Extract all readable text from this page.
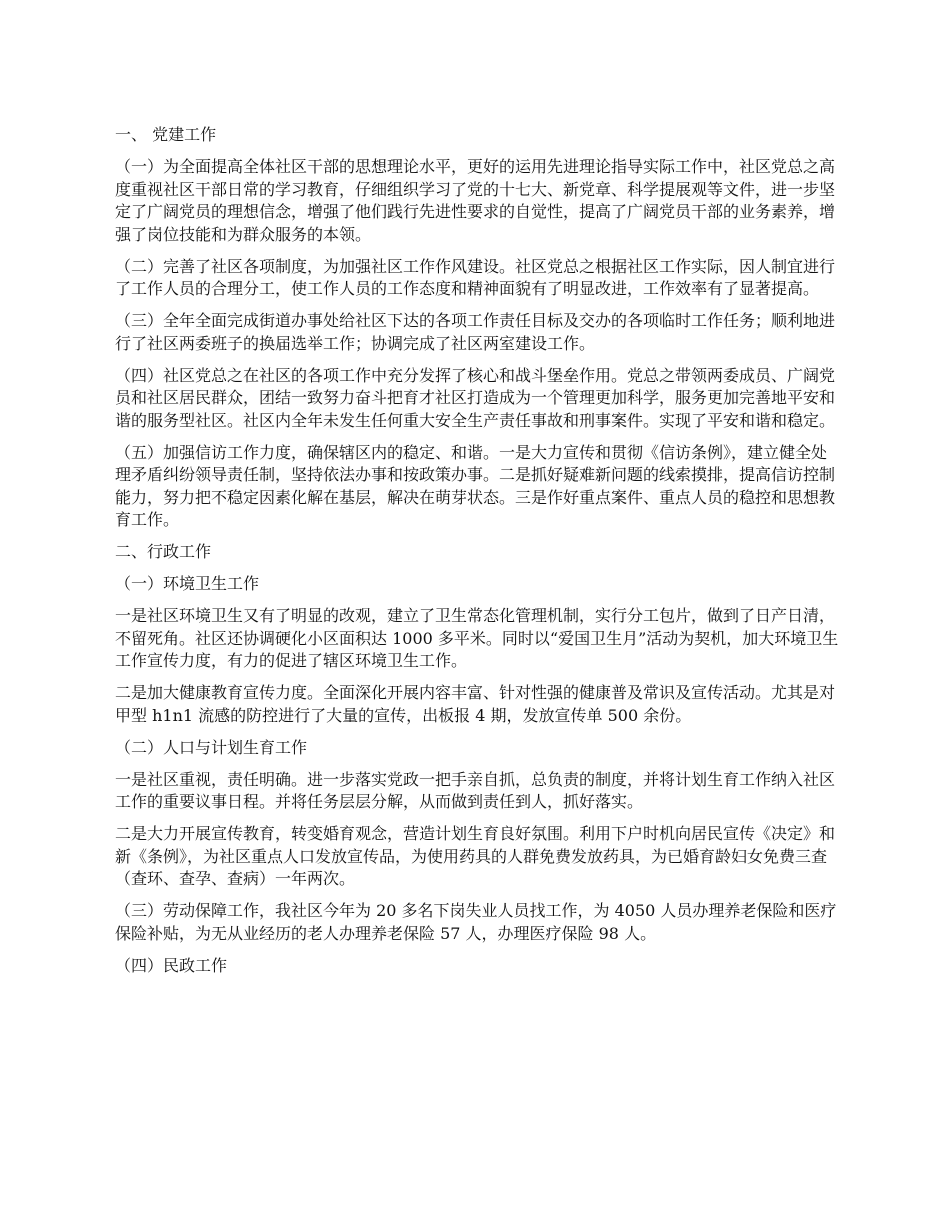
一、 党建工作

（一）为全面提高全体社区干部的思想理论水平，更好的运用先进理论指导实际工作中，社区党总之高度重视社区干部日常的学习教育，仔细组织学习了党的十七大、新党章、科学提展观等文件，进一步坚定了广阔党员的理想信念，增强了他们践行先进性要求的自觉性，提高了广阔党员干部的业务素养，增强了岗位技能和为群众服务的本领。

（二）完善了社区各项制度，为加强社区工作作风建设。社区党总之根据社区工作实际，因人制宜进行了工作人员的合理分工，使工作人员的工作态度和精神面貌有了明显改进，工作效率有了显著提高。

（三）全年全面完成街道办事处给社区下达的各项工作责任目标及交办的各项临时工作任务；顺利地进行了社区两委班子的换届选举工作；协调完成了社区两室建设工作。

（四）社区党总之在社区的各项工作中充分发挥了核心和战斗堡垒作用。党总之带领两委成员、广阔党员和社区居民群众，团结一致努力奋斗把育才社区打造成为一个管理更加科学，服务更加完善地平安和谐的服务型社区。社区内全年未发生任何重大安全生产责任事故和刑事案件。实现了平安和谐和稳定。

（五）加强信访工作力度，确保辖区内的稳定、和谐。一是大力宣传和贯彻《信访条例》，建立健全处理矛盾纠纷领导责任制，坚持依法办事和按政策办事。二是抓好疑难新问题的线索摸排，提高信访控制能力，努力把不稳定因素化解在基层，解决在萌芽状态。三是作好重点案件、重点人员的稳控和思想教育工作。

二、行政工作

（一）环境卫生工作

一是社区环境卫生又有了明显的改观，建立了卫生常态化管理机制，实行分工包片，做到了日产日清，不留死角。社区还协调硬化小区面积达 1000 多平米。同时以“爱国卫生月”活动为契机，加大环境卫生工作宣传力度，有力的促进了辖区环境卫生工作。

二是加大健康教育宣传力度。全面深化开展内容丰富、针对性强的健康普及常识及宣传活动。尤其是对甲型 h1n1 流感的防控进行了大量的宣传，出板报 4 期，发放宣传单 500 余份。

（二）人口与计划生育工作

一是社区重视，责任明确。进一步落实党政一把手亲自抓，总负责的制度，并将计划生育工作纳入社区工作的重要议事日程。并将任务层层分解，从而做到责任到人，抓好落实。

二是大力开展宣传教育，转变婚育观念，营造计划生育良好氛围。利用下户时机向居民宣传《决定》和新《条例》，为社区重点人口发放宣传品，为使用药具的人群免费发放药具，为已婚育龄妇女免费三查（查环、查孕、查病）一年两次。

（三）劳动保障工作，我社区今年为 20 多名下岗失业人员找工作，为 4050 人员办理养老保险和医疗保险补贴，为无从业经历的老人办理养老保险 57 人，办理医疗保险 98 人。

（四）民政工作
